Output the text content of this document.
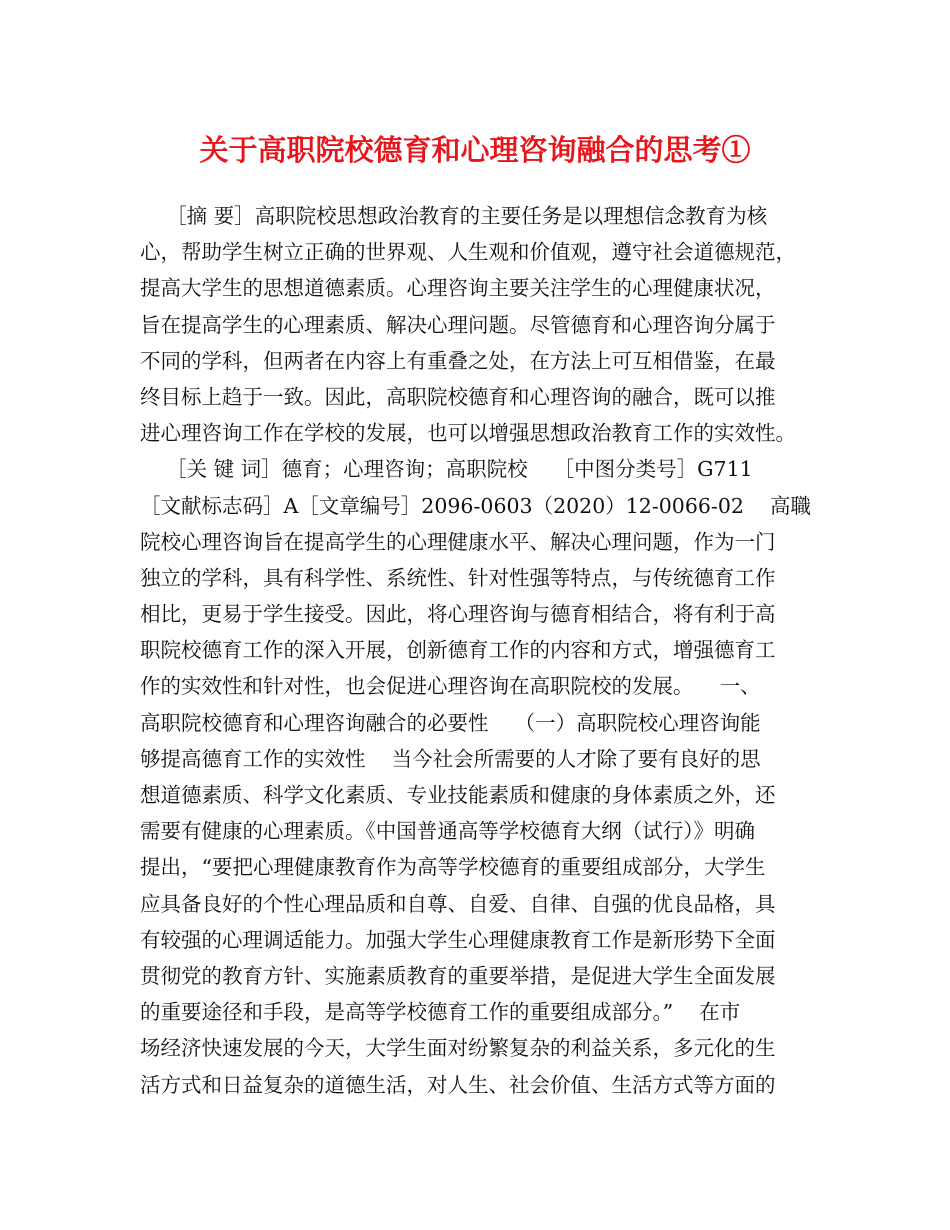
关于高职院校德育和心理咨询融合的思考①
［摘 要］高职院校思想政治教育的主要任务是以理想信念教育为核
心，帮助学生树立正确的世界观、人生观和价值观，遵守社会道德规范，
提高大学生的思想道德素质。心理咨询主要关注学生的心理健康状况，
旨在提高学生的心理素质、解决心理问题。尽管德育和心理咨询分属于
不同的学科，但两者在内容上有重叠之处，在方法上可互相借鉴，在最
终目标上趋于一致。因此，高职院校德育和心理咨询的融合，既可以推
进心理咨询工作在学校的发展，也可以增强思想政治教育工作的实效性。
［关 键 词］德育；心理咨询；高职院校    ［中图分类号］G711
［文献标志码］A［文章编号］2096-0603（2020）12-0066-02    高職
院校心理咨询旨在提高学生的心理健康水平、解决心理问题，作为一门
独立的学科，具有科学性、系统性、针对性强等特点，与传统德育工作
相比，更易于学生接受。因此，将心理咨询与德育相结合，将有利于高
职院校德育工作的深入开展，创新德育工作的内容和方式，增强德育工
作的实效性和针对性，也会促进心理咨询在高职院校的发展。    一、
高职院校德育和心理咨询融合的必要性    （一）高职院校心理咨询能
够提高德育工作的实效性    当今社会所需要的人才除了要有良好的思
想道德素质、科学文化素质、专业技能素质和健康的身体素质之外，还
需要有健康的心理素质。《中国普通高等学校德育大纲（试行）》明确
提出，“要把心理健康教育作为高等学校德育的重要组成部分，大学生
应具备良好的个性心理品质和自尊、自爱、自律、自强的优良品格，具
有较强的心理调适能力。加强大学生心理健康教育工作是新形势下全面
贯彻党的教育方针、实施素质教育的重要举措，是促进大学生全面发展
的重要途径和手段，是高等学校德育工作的重要组成部分。”    在市
场经济快速发展的今天，大学生面对纷繁复杂的利益关系，多元化的生
活方式和日益复杂的道德生活，对人生、社会价值、生活方式等方面的
